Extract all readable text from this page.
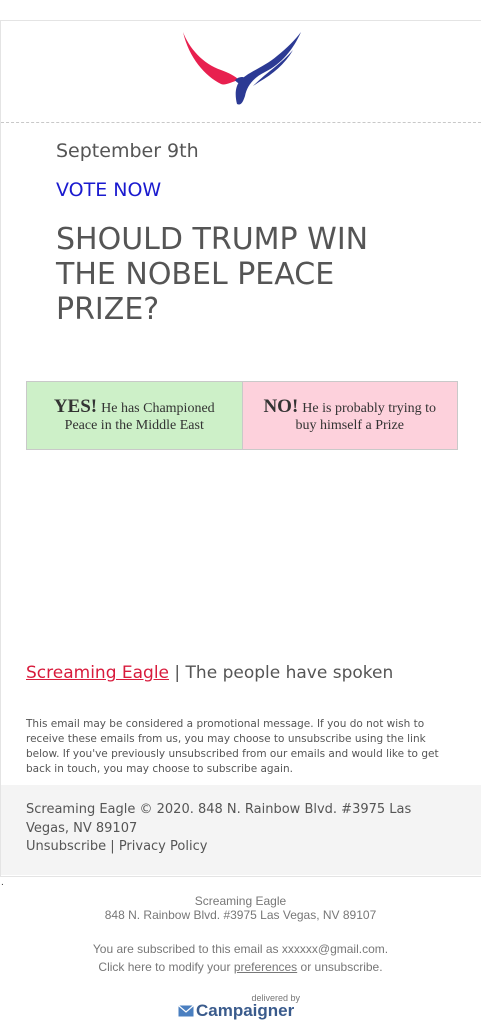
September 9th
VOTE NOW
SHOULD TRUMP WIN THE NOBEL PEACE PRIZE?
YES! He has Championed Peace in the Middle East
NO! He is probably trying to buy himself a Prize
Screaming Eagle | The people have spoken
This email may be considered a promotional message. If you do not wish to receive these emails from us, you may choose to unsubscribe using the link below. If you've previously unsubscribed from our emails and would like to get back in touch, you may choose to subscribe again.
Screaming Eagle © 2020. 848 N. Rainbow Blvd. #3975 Las Vegas, NV 89107
Unsubscribe | Privacy Policy
.
Screaming Eagle
848 N. Rainbow Blvd. #3975 Las Vegas, NV 89107
You are subscribed to this email as xxxxxx@gmail.com.
Click here to modify your preferences or unsubscribe.
delivered by
Campaigner
